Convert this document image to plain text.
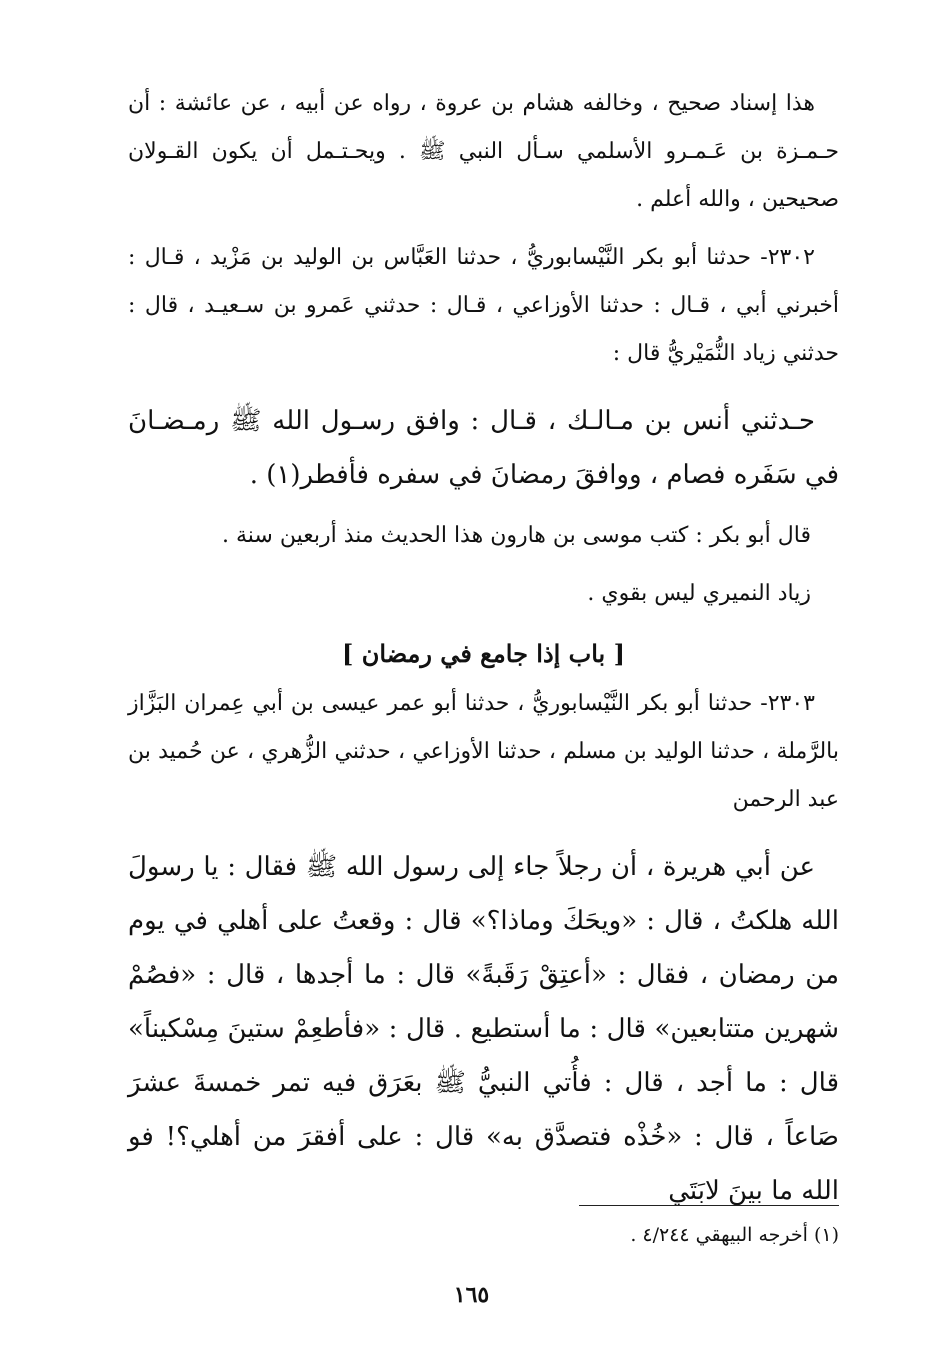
هذا إسناد صحيح ، وخالفه هشام بن عروة ، رواه عن أبيه ، عن عائشة : أن حـمـزة بن عَـمـرو الأسلمي سـأل النبي ﷺ . ويحـتـمل أن يكون القـولان صحيحين ، والله أعلم .

٢٣٠٢- حدثنا أبو بكر النَّيْسابوريُّ ، حدثنا العَبَّاس بن الوليد بن مَزْيد ، قـال : أخبرني أبي ، قـال : حدثنا الأوزاعي ، قـال : حدثني عَمرو بن سـعيـد ، قال : حدثني زياد النُّمَيْريُّ قال :

حـدثني أنس بن مـالـك ، قـال : وافق رسـول الله ﷺ رمـضـانَ في سَفَره فصام ، ووافقَ رمضانَ في سفره فأفطر(١) .

قال أبو بكر : كتب موسى بن هارون هذا الحديث منذ أربعين سنة .

زياد النميري ليس بقوي .

[ باب إذا جامع في رمضان ]

٢٣٠٣- حدثنا أبو بكر النَّيْسابوريُّ ، حدثنا أبو عمر عيسى بن أبي عِمران البَزَّاز بالرَّملة ، حدثنا الوليد بن مسلم ، حدثنا الأوزاعي ، حدثني الزُّهري ، عن حُميد بن عبد الرحمن

عن أبي هريرة ، أن رجلاً جاء إلى رسول الله ﷺ فقال : يا رسولَ الله هلكتُ ، قال : «ويحَكَ وماذا؟» قال : وقعتُ على أهلي في يوم من رمضان ، فقال : «أعتِقْ رَقَبةً» قال : ما أجدها ، قال : «فصُمْ شهرين متتابعين» قال : ما أستطيع . قال : «فأطعِمْ ستينَ مِسْكيناً» قال : ما أجد ، قال : فأُتي النبيُّ ﷺ بعَرَق فيه تمر خمسةَ عشرَ صَاعاً ، قال : «خُذْه فتصدَّق به» قال : على أفقرَ من أهلي؟! فو الله ما بينَ لابَتَي

(١) أخرجه البيهقي ٤/٢٤٤ .
١٦٥
